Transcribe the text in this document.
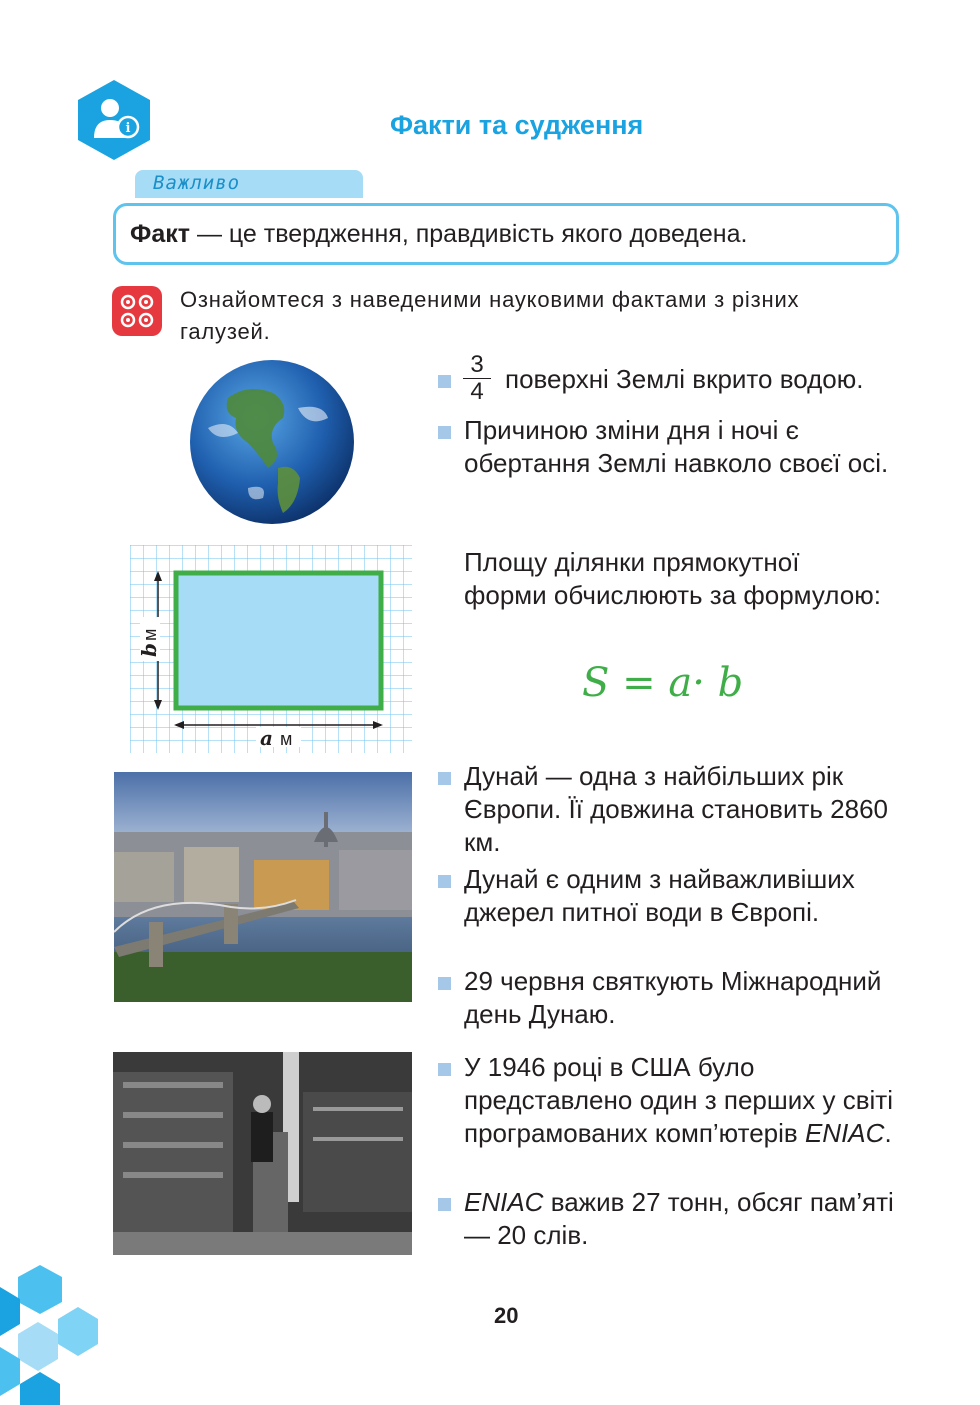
i	Факти та судження
Важливо

Факт — це твердження, правдивість якого доведена.

Ознайомтеся з наведеними науковими фактами з різних галузей.

$\frac{3}{4}$ поверхні Землі вкрито водою.

Причиною зміни дня і ночі є обертання Землі навколо своєї осі.

a м
b
м

Площу ділянки прямокутної форми обчислюють за формулою:

S = a· b

Дунай — одна з найбільших рік Європи. Її довжина становить 2860 км.

Дунай є одним з найважливіших джерел питної води в Європі.

29 червня святкують Міжнародний день Дунаю.

У 1946 році в США було представлено один з перших у світі програмованих комп’ютерів ENIAC.

ENIAC важив 27 тонн, обсяг пам’яті — 20 слів.

20
